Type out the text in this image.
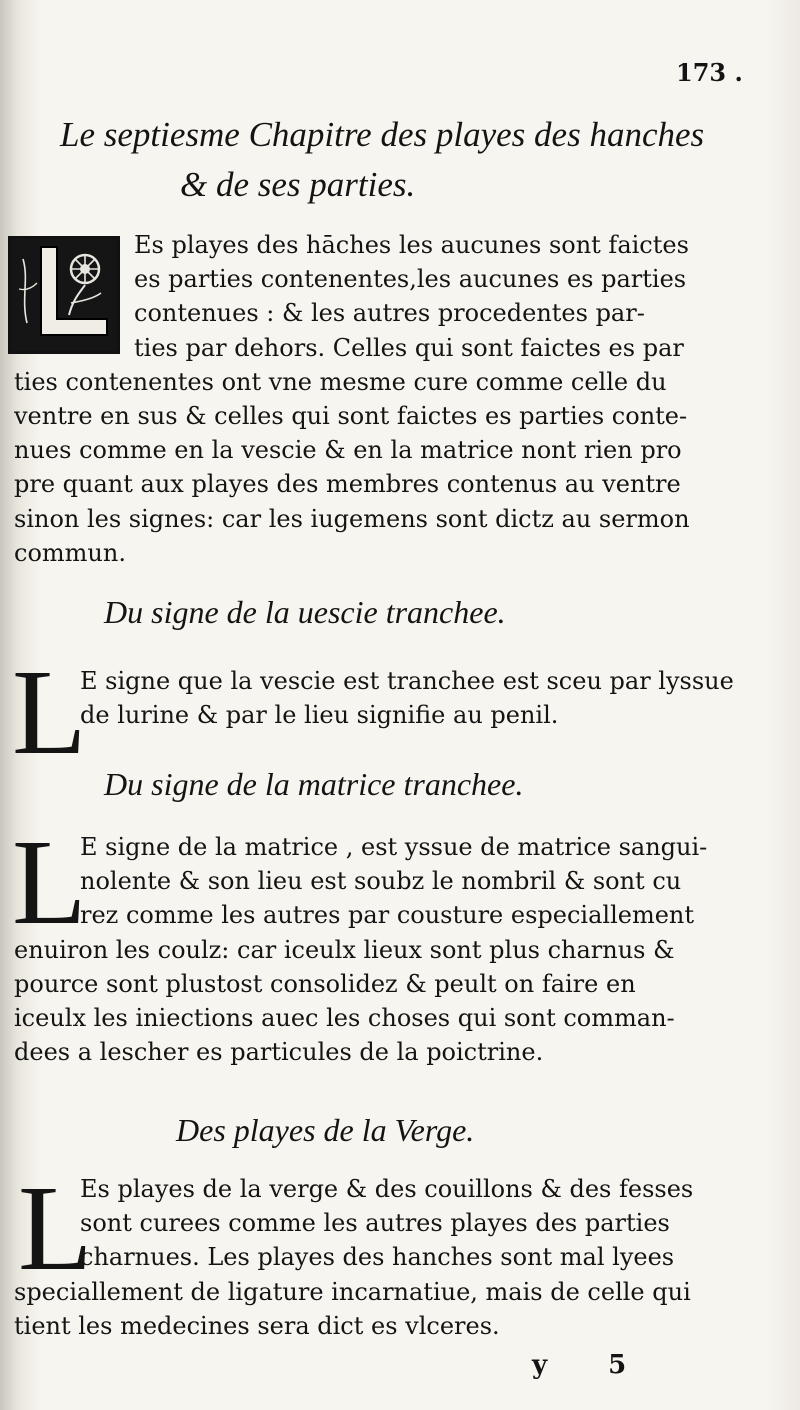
173 .
Le septiesme Chapitre des playes des hanches
& de ses parties.
Es playes des hāches les aucunes sont faictes
es parties contenentes,les aucunes es parties
contenues : & les autres procedentes par-
ties par dehors. Celles qui sont faictes es par
ties contenentes ont vne mesme cure comme celle du
ventre en sus & celles qui sont faictes es parties conte-
nues comme en la vescie & en la matrice nont rien pro
pre quant aux playes des membres contenus au ventre
sinon les signes: car les iugemens sont dictz au sermon
commun.
Du signe de la uescie tranchee.
L
E signe que la vescie est tranchee est sceu par lyssue
de lurine & par le lieu signifie au penil.
Du signe de la matrice tranchee.
L
E signe de la matrice , est yssue de matrice sangui-
nolente & son lieu est soubz le nombril & sont cu
rez comme les autres par cousture especiallement
enuiron les coulz: car iceulx lieux sont plus charnus &
pource sont plustost consolidez & peult on faire en
iceulx les iniections auec les choses qui sont comman-
dees a lescher es particules de la poictrine.
Des playes de la Verge.
L
Es playes de la verge & des couillons & des fesses
sont curees comme les autres playes des parties
charnues. Les playes des hanches sont mal lyees
speciallement de ligature incarnatiue, mais de celle qui
tient les medecines sera dict es vlceres.
y 5
